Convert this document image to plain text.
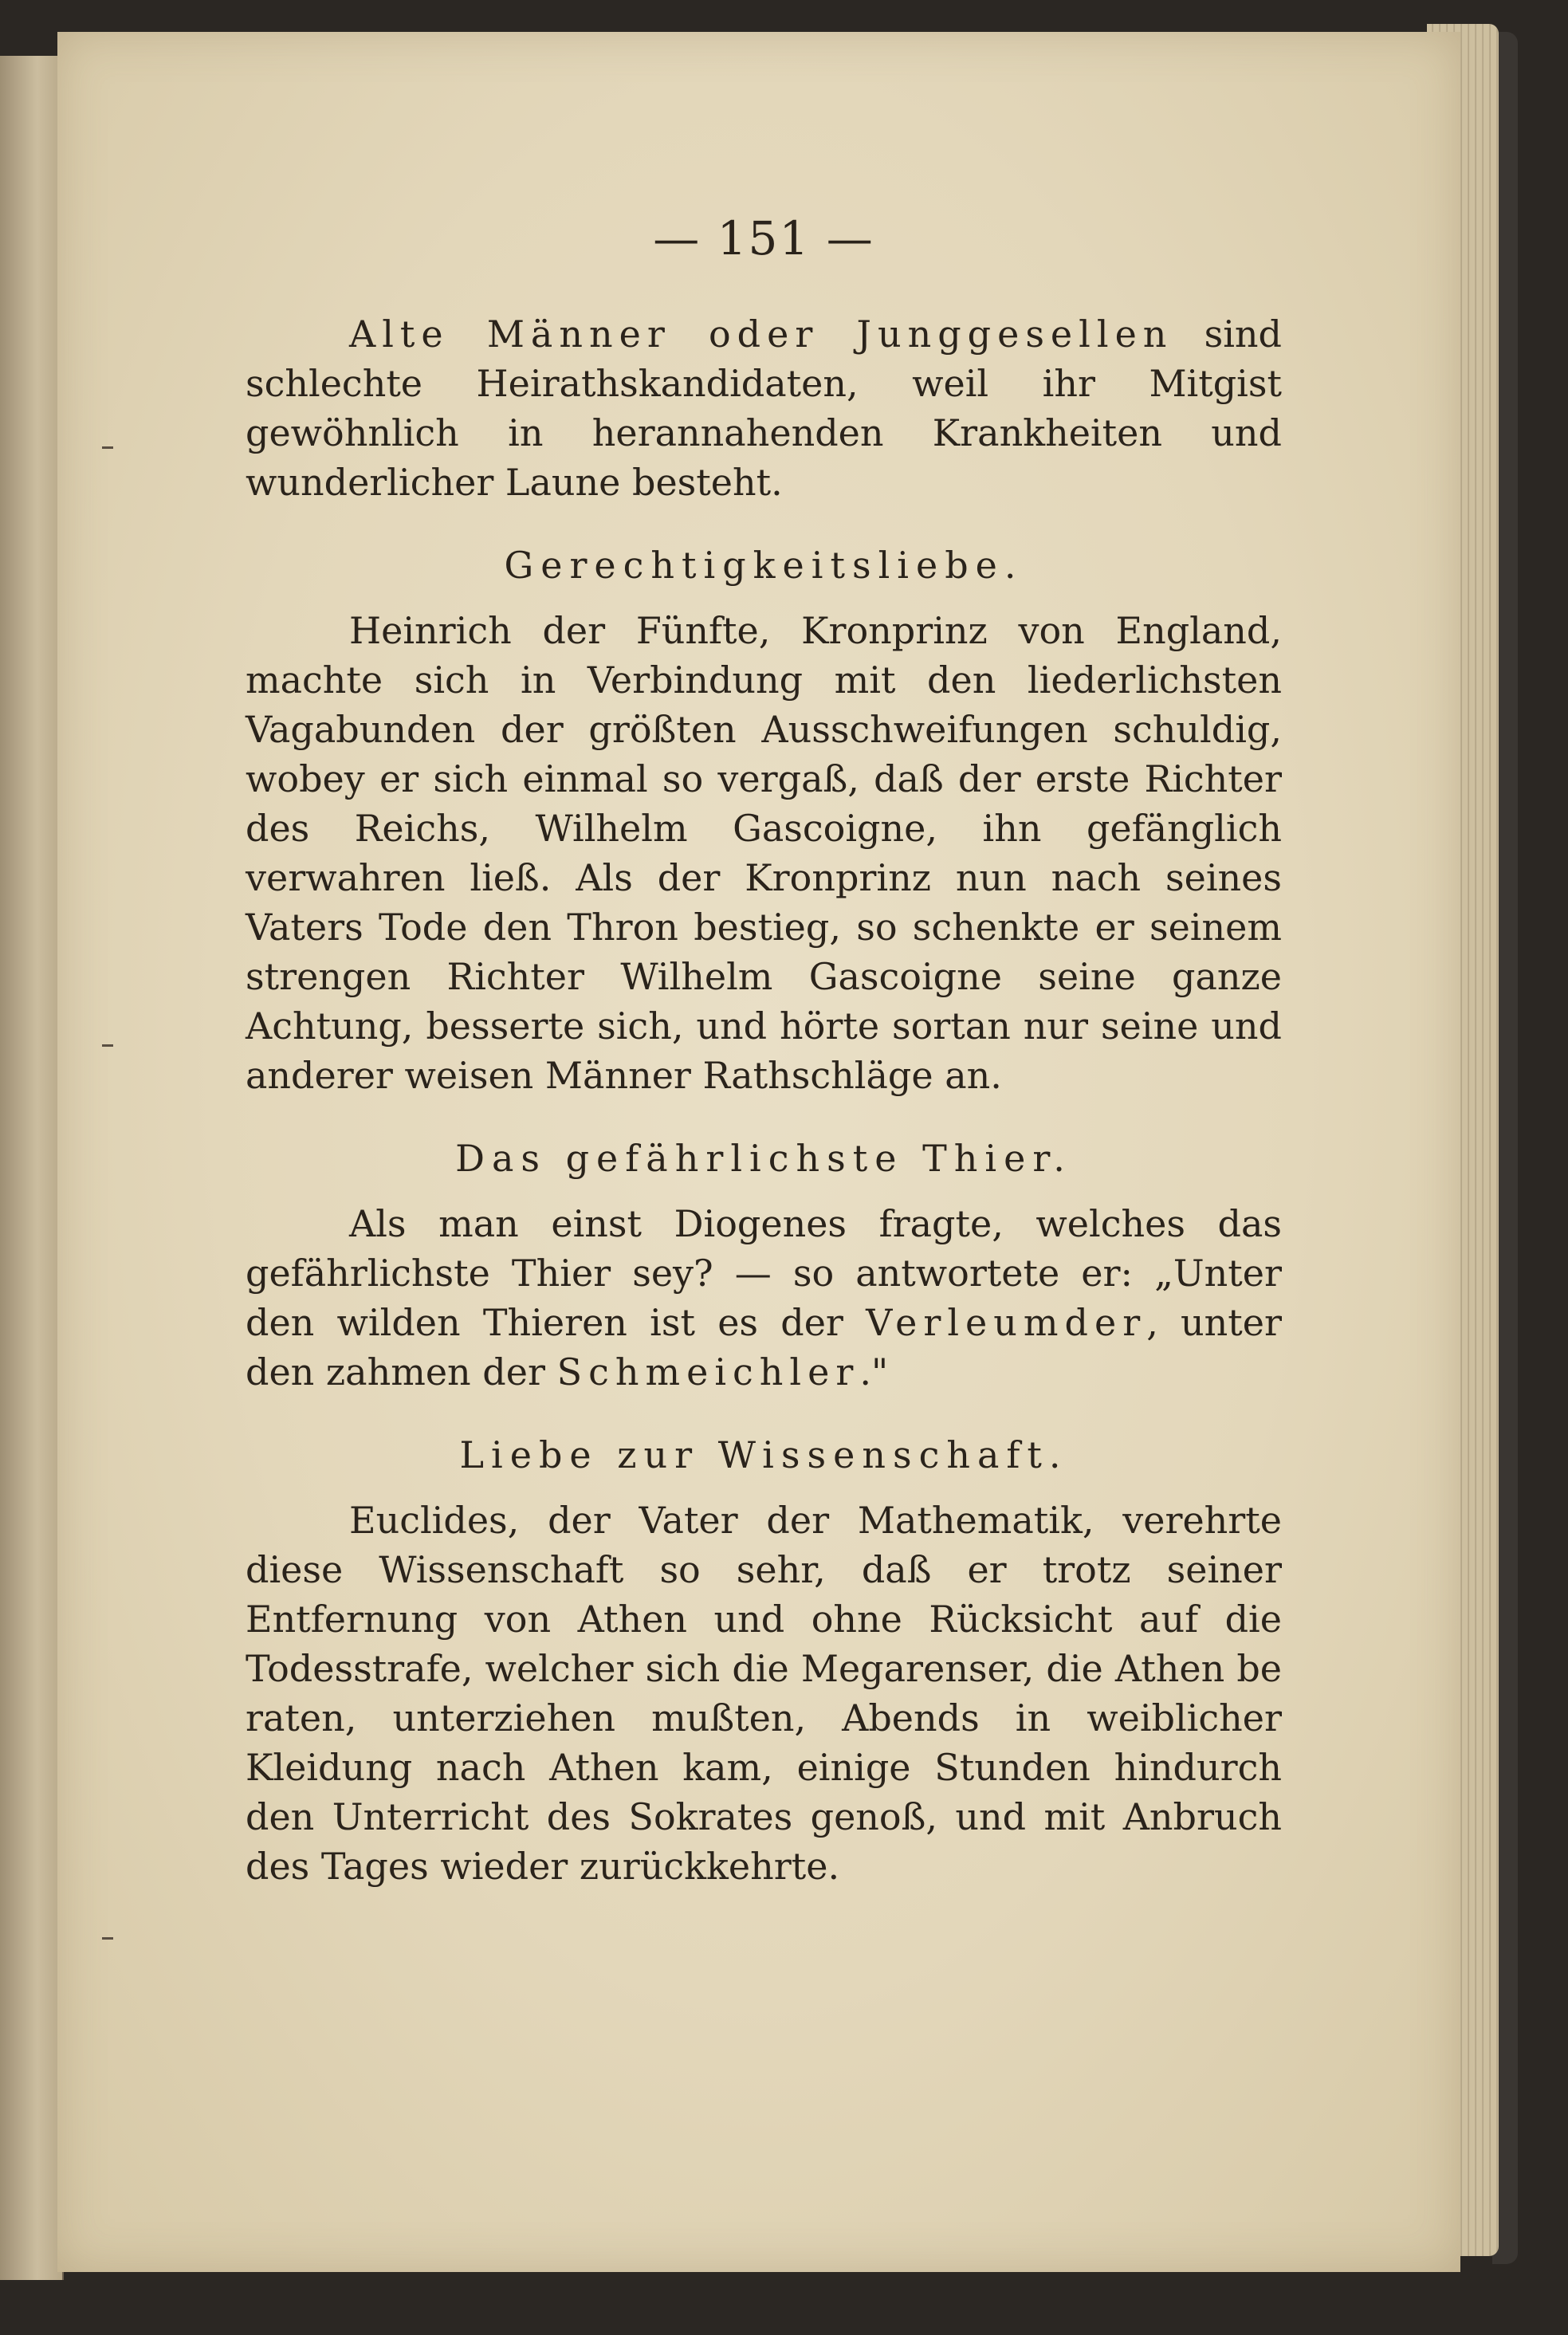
— 151 —

Alte Männer oder Junggesellen sind schlechte Heirathskandidaten, weil ihr Mitgist gewöhnlich in herannahenden Krankheiten und wunderlicher Laune besteht.

Gerechtigkeitsliebe.

Heinrich der Fünfte, Kronprinz von England, machte sich in Verbindung mit den liederlichsten Vagabunden der größten Ausschweifungen schuldig, wobey er sich einmal so vergaß, daß der erste Richter des Reichs, Wilhelm Gascoigne, ihn gefänglich verwahren ließ. Als der Kronprinz nun nach seines Vaters Tode den Thron bestieg, so schenkte er seinem strengen Richter Wilhelm Gascoigne seine ganze Achtung, besserte sich, und hörte sortan nur seine und anderer weisen Männer Rathschläge an.

Das gefährlichste Thier.

Als man einst Diogenes fragte, welches das gefährlichste Thier sey? — so antwortete er: „Unter den wilden Thieren ist es der Verleumder, unter den zahmen der Schmeichler."

Liebe zur Wissenschaft.

Euclides, der Vater der Mathematik, verehrte diese Wissenschaft so sehr, daß er trotz seiner Entfernung von Athen und ohne Rücksicht auf die Todesstrafe, welcher sich die Megarenser, die Athen be raten, unterziehen mußten, Abends in weiblicher Kleidung nach Athen kam, einige Stunden hindurch den Unterricht des Sokrates genoß, und mit Anbruch des Tages wieder zurückkehrte.
